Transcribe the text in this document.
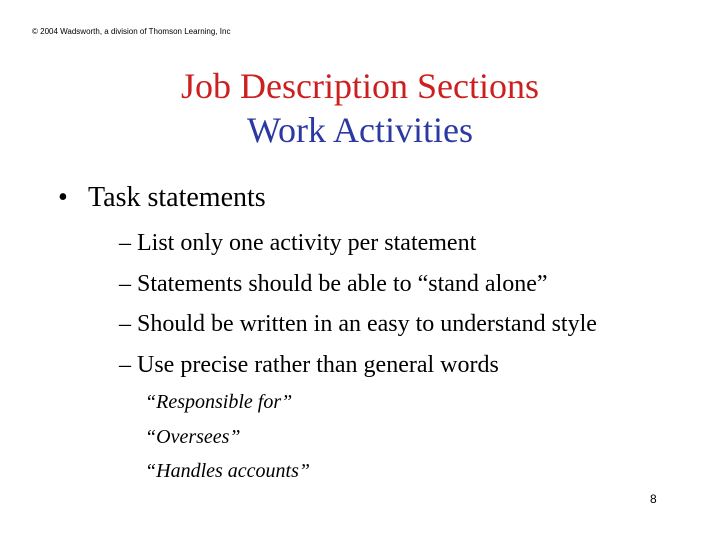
© 2004 Wadsworth, a division of Thomson Learning, Inc
Job Description Sections
Work Activities
• Task statements
– List only one activity per statement
– Statements should be able to “stand alone”
– Should be written in an easy to understand style
– Use precise rather than general words
“Responsible for”
“Oversees”
“Handles accounts”
8
